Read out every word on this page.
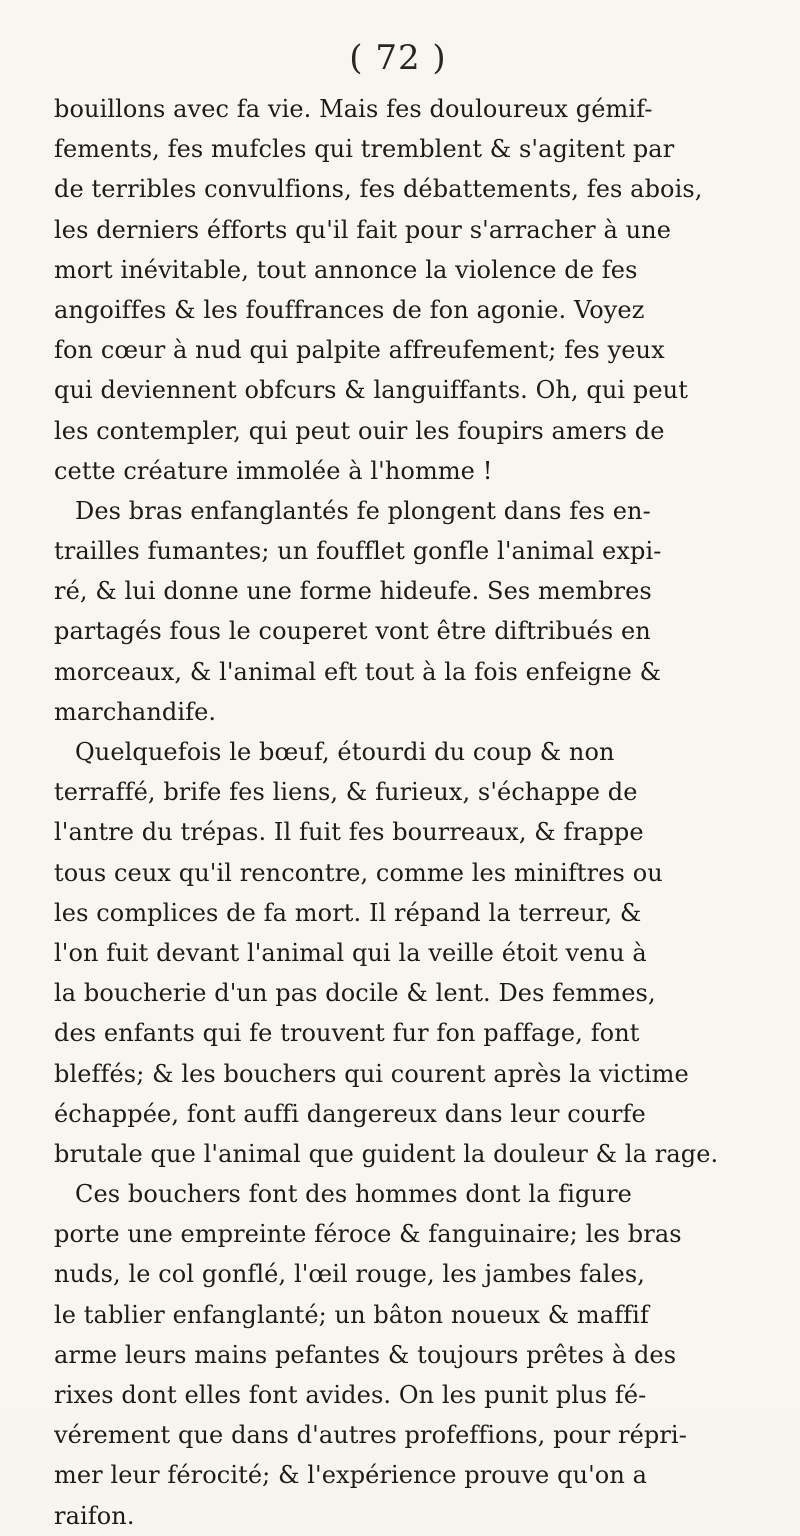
( 72 )
bouillons avec fa vie. Mais fes douloureux gémif-
fements, fes mufcles qui tremblent & s'agitent par
de terribles convulfions, fes débattements, fes abois,
les derniers éfforts qu'il fait pour s'arracher à une
mort inévitable, tout annonce la violence de fes
angoiffes & les fouffrances de fon agonie. Voyez
fon cœur à nud qui palpite affreufement; fes yeux
qui deviennent obfcurs & languiffants. Oh, qui peut
les contempler, qui peut ouir les foupirs amers de
cette créature immolée à l'homme !
Des bras enfanglantés fe plongent dans fes en-
trailles fumantes; un foufflet gonfle l'animal expi-
ré, & lui donne une forme hideufe. Ses membres
partagés fous le couperet vont être diftribués en
morceaux, & l'animal eft tout à la fois enfeigne &
marchandife.
Quelquefois le bœuf, étourdi du coup & non
terraffé, brife fes liens, & furieux, s'échappe de
l'antre du trépas. Il fuit fes bourreaux, & frappe
tous ceux qu'il rencontre, comme les miniftres ou
les complices de fa mort. Il répand la terreur, &
l'on fuit devant l'animal qui la veille étoit venu à
la boucherie d'un pas docile & lent. Des femmes,
des enfants qui fe trouvent fur fon paffage, font
bleffés; & les bouchers qui courent après la victime
échappée, font auffi dangereux dans leur courfe
brutale que l'animal que guident la douleur & la rage.
Ces bouchers font des hommes dont la figure
porte une empreinte féroce & fanguinaire; les bras
nuds, le col gonflé, l'œil rouge, les jambes fales,
le tablier enfanglanté; un bâton noueux & maffif
arme leurs mains pefantes & toujours prêtes à des
rixes dont elles font avides. On les punit plus fé-
vérement que dans d'autres profeffions, pour répri-
mer leur férocité; & l'expérience prouve qu'on a
raifon.
